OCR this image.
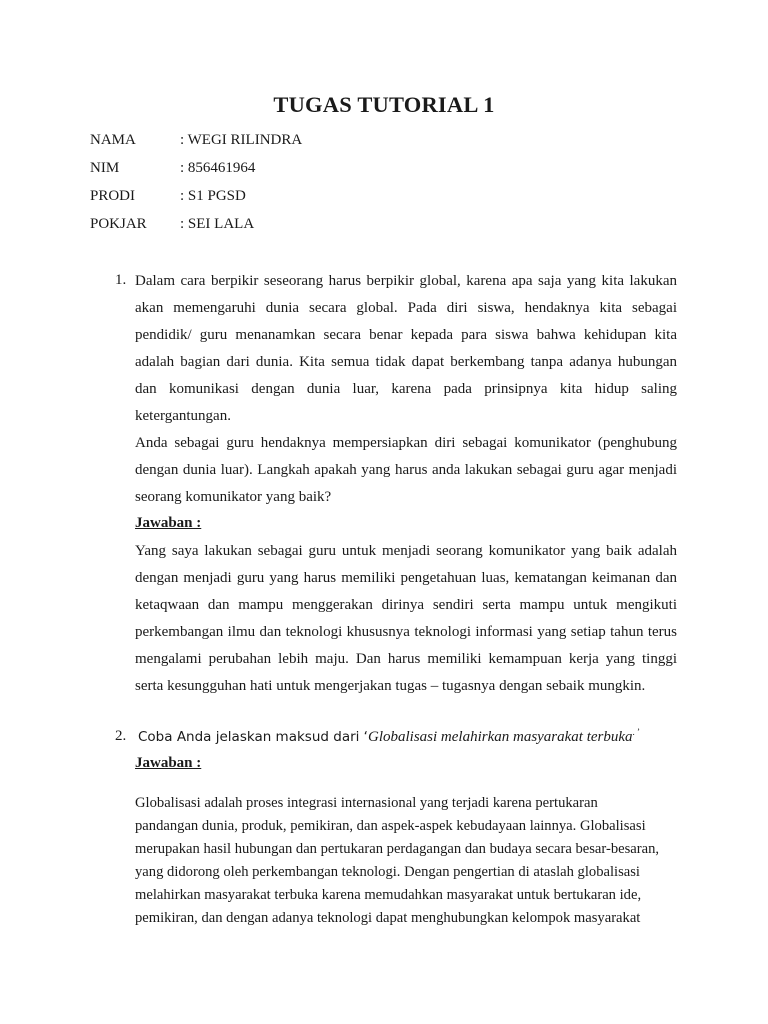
TUGAS TUTORIAL 1
NAMA	: WEGI RILINDRA
NIM	: 856461964
PRODI	: S1 PGSD
POKJAR : SEI LALA
1. Dalam cara berpikir seseorang harus berpikir global, karena apa saja yang kita lakukan
akan memengaruhi dunia secara global. Pada diri siswa, hendaknya kita sebagai
pendidik/ guru menanamkan secara benar kepada para siswa bahwa kehidupan kita
adalah bagian dari dunia. Kita semua tidak dapat berkembang tanpa adanya hubungan
dan komunikasi dengan dunia luar, karena pada prinsipnya kita hidup saling
ketergantungan.
Anda sebagai guru hendaknya mempersiapkan diri sebagai komunikator (penghubung
dengan dunia luar). Langkah apakah yang harus anda lakukan sebagai guru agar menjadi
seorang komunikator yang baik?
Jawaban :
Yang saya lakukan sebagai guru untuk menjadi seorang komunikator yang baik adalah
dengan menjadi guru yang harus memiliki pengetahuan luas, kematangan keimanan dan
ketaqwaan dan mampu menggerakan dirinya sendiri serta mampu untuk mengikuti
perkembangan ilmu dan teknologi khususnya teknologi informasi yang setiap tahun terus
mengalami perubahan lebih maju. Dan harus memiliki kemampuan kerja yang tinggi
serta kesungguhan hati untuk mengerjakan tugas – tugasnya dengan sebaik mungkin.
2. Coba Anda jelaskan maksud dari ‘Globalisasi melahirkan masyarakat terbuka. ’
Jawaban :
Globalisasi adalah proses integrasi internasional yang terjadi karena pertukaran
pandangan dunia, produk, pemikiran, dan aspek-aspek kebudayaan lainnya. Globalisasi
merupakan hasil hubungan dan pertukaran perdagangan dan budaya secara besar-besaran,
yang didorong oleh perkembangan teknologi. Dengan pengertian di ataslah globalisasi
melahirkan masyarakat terbuka karena memudahkan masyarakat untuk bertukaran ide,
pemikiran, dan dengan adanya teknologi dapat menghubungkan kelompok masyarakat
